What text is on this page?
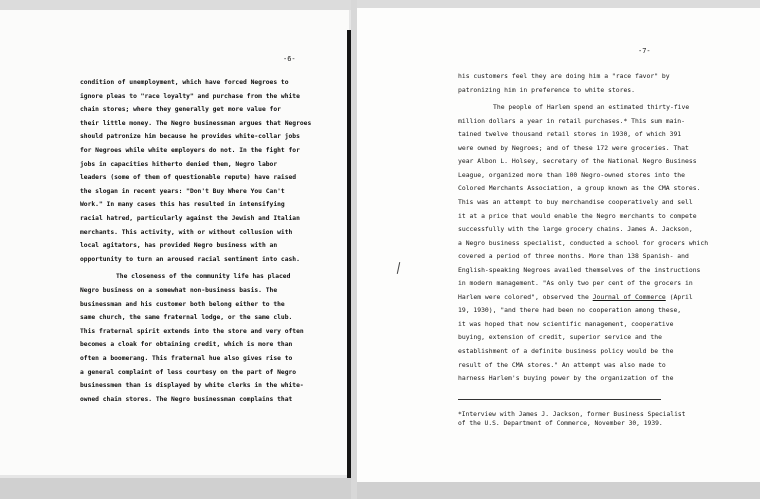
-6-
condition of unemployment, which have forced Negroes to
ignore pleas to "race loyalty" and purchase from the white
chain stores; where they generally get more value for
their little money. The Negro businessman argues that Negroes
should patronize him because he provides white-collar jobs
for Negroes while white employers do not. In the fight for
jobs in capacities hitherto denied them, Negro labor
leaders (some of them of questionable repute) have raised
the slogan in recent years: "Don't Buy Where You Can't
Work." In many cases this has resulted in intensifying
racial hatred, particularly against the Jewish and Italian
merchants. This activity, with or without collusion with
local agitators, has provided Negro business with an
opportunity to turn an aroused racial sentiment into cash.
The closeness of the community life has placed
Negro business on a somewhat non-business basis. The
businessman and his customer both belong either to the
same church, the same fraternal lodge, or the same club.
This fraternal spirit extends into the store and very often
becomes a cloak for obtaining credit, which is more than
often a boomerang. This fraternal hue also gives rise to
a general complaint of less courtesy on the part of Negro
businessmen than is displayed by white clerks in the white-
owned chain stores. The Negro businessman complains that
-7-
his customers feel they are doing him a "race favor" by
patronizing him in preference to white stores.
The people of Harlem spend an estimated thirty-five
million dollars a year in retail purchases.* This sum main-
tained twelve thousand retail stores in 1930, of which 391
were owned by Negroes; and of these 172 were groceries. That
year Albon L. Holsey, secretary of the National Negro Business
League, organized more than 100 Negro-owned stores into the
Colored Merchants Association, a group known as the CMA stores.
This was an attempt to buy merchandise cooperatively and sell
it at a price that would enable the Negro merchants to compete
successfully with the large grocery chains. James A. Jackson,
a Negro business specialist, conducted a school for grocers which
covered a period of three months. More than 138 Spanish- and
English-speaking Negroes availed themselves of the instructions
in modern management. "As only two per cent of the grocers in
Harlem were colored", observed the Journal of Commerce (April
19, 1930), "and there had been no cooperation among these,
it was hoped that now scientific management, cooperative
buying, extension of credit, superior service and the
establishment of a definite business policy would be the
result of the CMA stores." An attempt was also made to
harness Harlem's buying power by the organization of the
*Interview with James J. Jackson, former Business Specialist
of the U.S. Department of Commerce, November 30, 1939.
